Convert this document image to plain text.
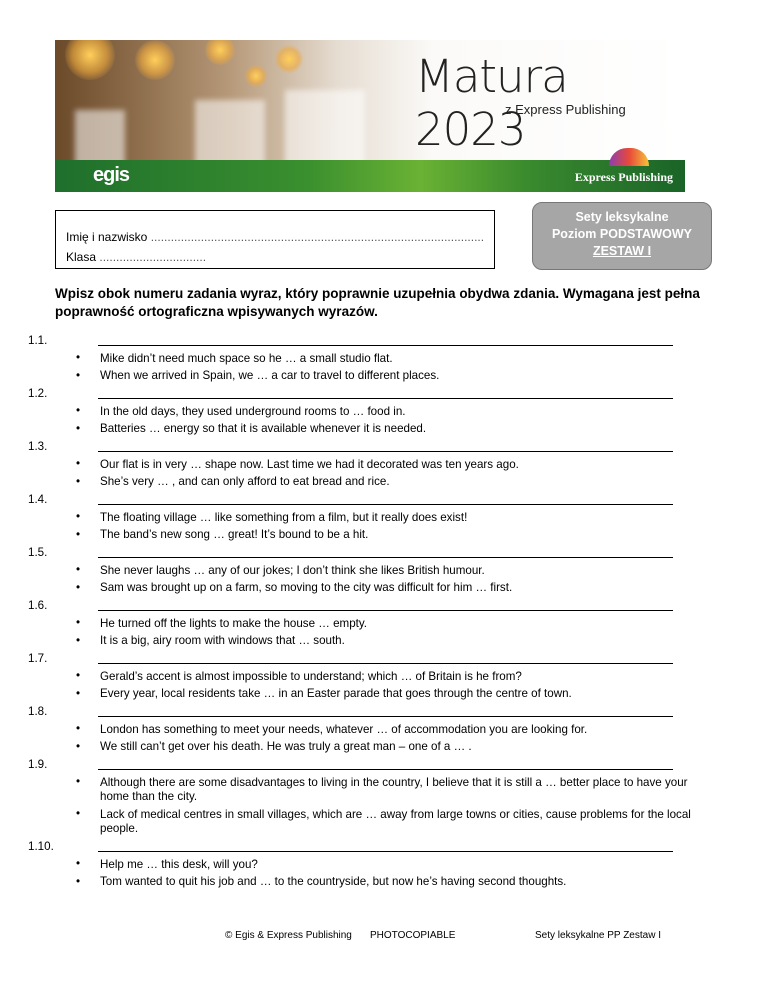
Matura 2023
z Express Publishing
egis	Express Publishing
Imię i nazwisko ....................................................................................................
Klasa ................................
Sety leksykalne
Poziom PODSTAWOWY
ZESTAW I
Wpisz obok numeru zadania wyraz, który poprawnie uzupełnia obydwa zdania. Wymagana jest pełna poprawność ortograficzna wpisywanych wyrazów.
1.1.
• Mike didn’t need much space so he … a small studio flat.
• When we arrived in Spain, we … a car to travel to different places.
1.2.
• In the old days, they used underground rooms to … food in.
• Batteries … energy so that it is available whenever it is needed.
1.3.
• Our flat is in very … shape now. Last time we had it decorated was ten years ago.
• She’s very … , and can only afford to eat bread and rice.
1.4.
• The floating village … like something from a film, but it really does exist!
• The band’s new song … great! It’s bound to be a hit.
1.5.
• She never laughs … any of our jokes; I don’t think she likes British humour.
• Sam was brought up on a farm, so moving to the city was difficult for him … first.
1.6.
• He turned off the lights to make the house … empty.
• It is a big, airy room with windows that … south.
1.7.
• Gerald’s accent is almost impossible to understand; which … of Britain is he from?
• Every year, local residents take … in an Easter parade that goes through the centre of town.
1.8.
• London has something to meet your needs, whatever … of accommodation you are looking for.
• We still can’t get over his death. He was truly a great man – one of a … .
1.9.
• Although there are some disadvantages to living in the country, I believe that it is still a … better place to have your home than the city.
• Lack of medical centres in small villages, which are … away from large towns or cities, cause problems for the local people.
1.10.
• Help me … this desk, will you?
• Tom wanted to quit his job and … to the countryside, but now he’s having second thoughts.
© Egis & Express Publishing PHOTOCOPIABLE	Sety leksykalne PP Zestaw I
